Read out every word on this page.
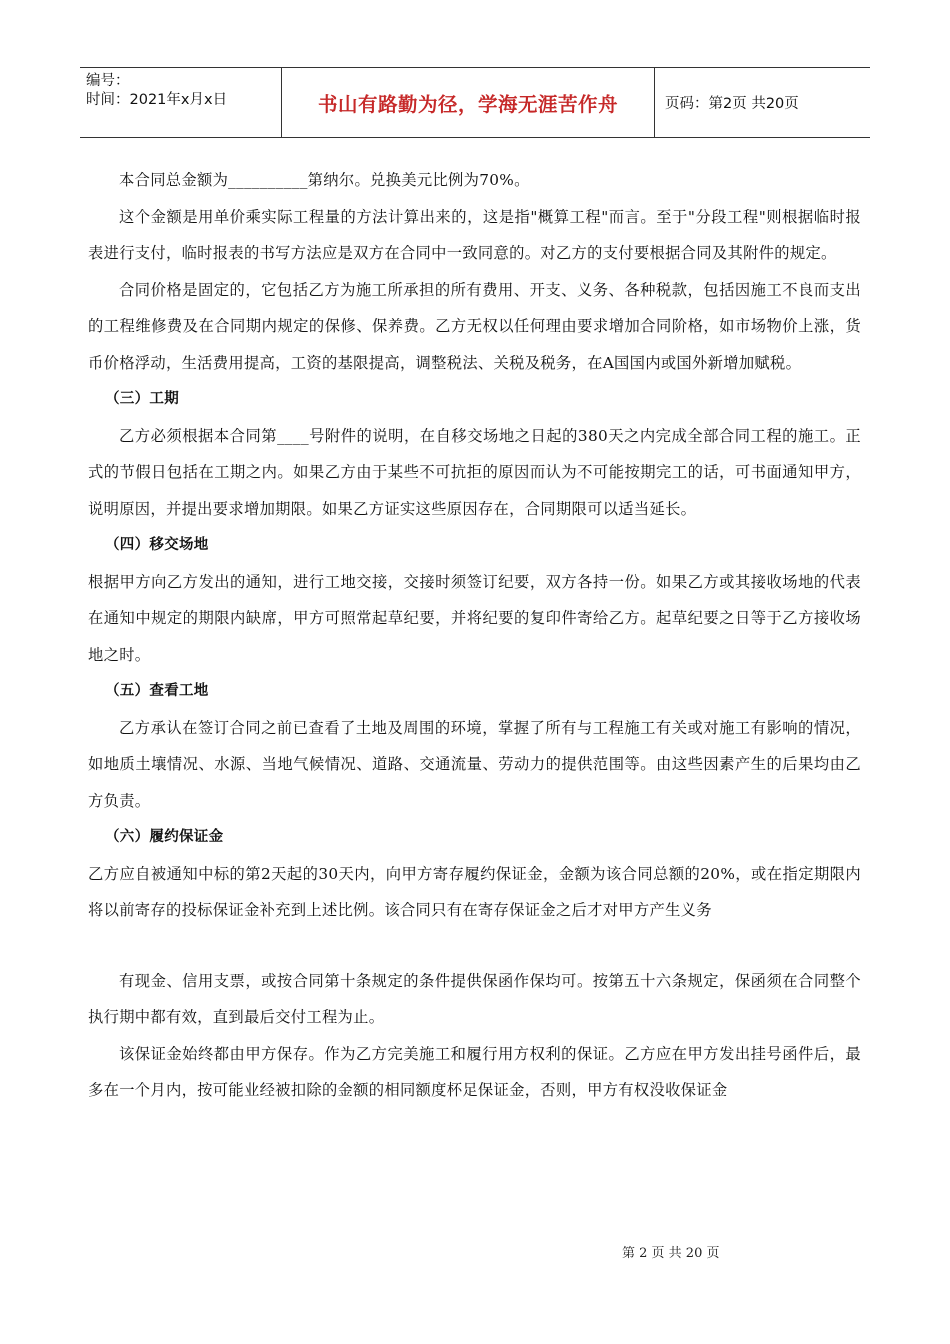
编号：
时间：2021年x月x日	书山有路勤为径，学海无涯苦作舟	页码：第2页 共20页

本合同总金额为__________第纳尔。兑换美元比例为70%。

这个金额是用单价乘实际工程量的方法计算出来的，这是指"概算工程"而言。至于"分段工程"则根据临时报表进行支付，临时报表的书写方法应是双方在合同中一致同意的。对乙方的支付要根据合同及其附件的规定。

合同价格是固定的，它包括乙方为施工所承担的所有费用、开支、义务、各种税款，包括因施工不良而支出的工程维修费及在合同期内规定的保修、保养费。乙方无权以任何理由要求增加合同阶格，如市场物价上涨，货币价格浮动，生活费用提高，工资的基限提高，调整税法、关税及税务，在A国国内或国外新增加赋税。

（三）工期

乙方必须根据本合同第____号附件的说明，在自移交场地之日起的380天之内完成全部合同工程的施工。正式的节假日包括在工期之内。如果乙方由于某些不可抗拒的原因而认为不可能按期完工的话，可书面通知甲方，说明原因，并提出要求增加期限。如果乙方证实这些原因存在，合同期限可以适当延长。

（四）移交场地

根据甲方向乙方发出的通知，进行工地交接，交接时须签订纪要，双方各持一份。如果乙方或其接收场地的代表在通知中规定的期限内缺席，甲方可照常起草纪要，并将纪要的复印件寄给乙方。起草纪要之日等于乙方接收场地之时。

（五）查看工地

乙方承认在签订合同之前已查看了土地及周围的环境，掌握了所有与工程施工有关或对施工有影响的情况，如地质土壤情况、水源、当地气候情况、道路、交通流量、劳动力的提供范围等。由这些因素产生的后果均由乙方负责。

（六）履约保证金

乙方应自被通知中标的第2天起的30天内，向甲方寄存履约保证金，金额为该合同总额的20%，或在指定期限内将以前寄存的投标保证金补充到上述比例。该合同只有在寄存保证金之后才对甲方产生义务

有现金、信用支票，或按合同第十条规定的条件提供保函作保均可。按第五十六条规定，保函须在合同整个执行期中都有效，直到最后交付工程为止。

该保证金始终都由甲方保存。作为乙方完美施工和履行用方权利的保证。乙方应在甲方发出挂号函件后，最多在一个月内，按可能业经被扣除的金额的相同额度杯足保证金，否则，甲方有权没收保证金

第 2 页 共 20 页
